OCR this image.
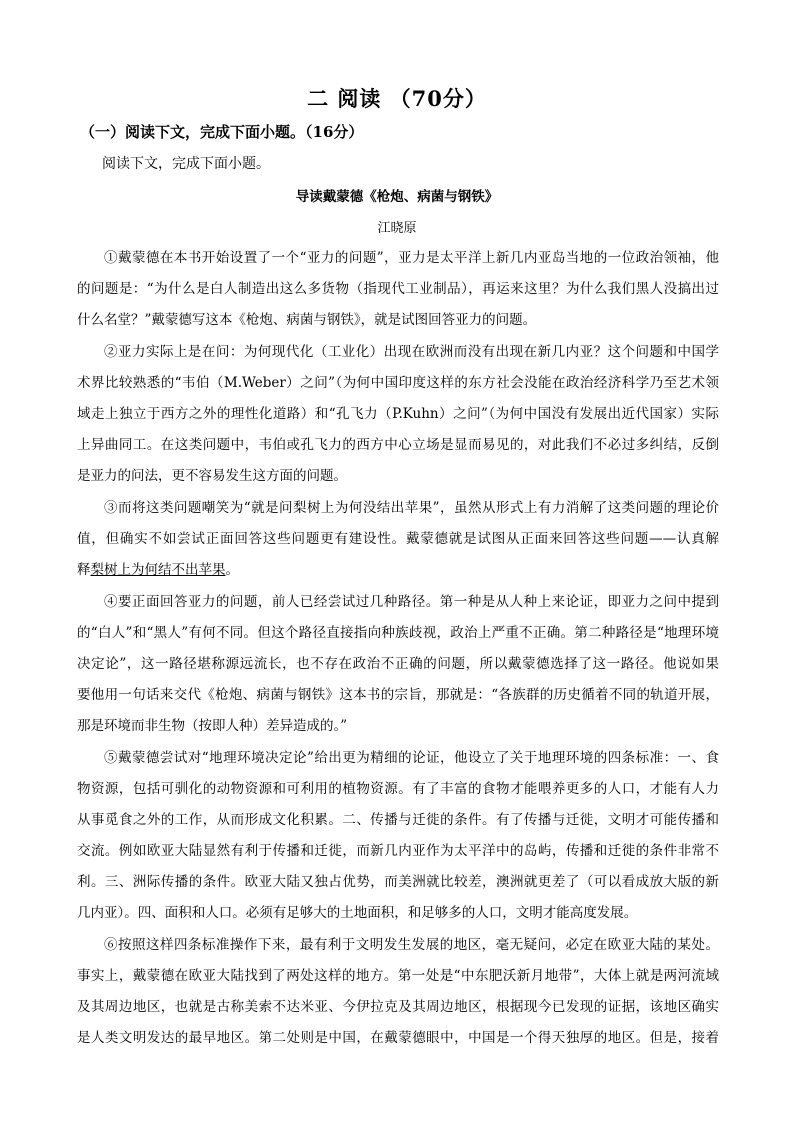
二 阅读 （70分）
（一）阅读下文，完成下面小题。（16分）
阅读下文，完成下面小题。
导读戴蒙德《枪炮、病菌与钢铁》
江晓原
①戴蒙德在本书开始设置了一个“亚力的问题”，亚力是太平洋上新几内亚岛当地的一位政治领袖，他
的问题是：“为什么是白人制造出这么多货物（指现代工业制品），再运来这里？为什么我们黑人没搞出过
什么名堂？”戴蒙德写这本《枪炮、病菌与钢铁》，就是试图回答亚力的问题。
②亚力实际上是在问：为何现代化（工业化）出现在欧洲而没有出现在新几内亚？这个问题和中国学
术界比较熟悉的“韦伯（M.Weber）之问”（为何中国印度这样的东方社会没能在政治经济科学乃至艺术领
域走上独立于西方之外的理性化道路）和“孔飞力（P.Kuhn）之问”（为何中国没有发展出近代国家）实际
上异曲同工。在这类问题中，韦伯或孔飞力的西方中心立场是显而易见的，对此我们不必过多纠结，反倒
是亚力的问法，更不容易发生这方面的问题。
③而将这类问题嘲笑为“就是问梨树上为何没结出苹果”，虽然从形式上有力消解了这类问题的理论价
值，但确实不如尝试正面回答这些问题更有建设性。戴蒙德就是试图从正面来回答这些问题——认真解
释梨树上为何结不出苹果。
④要正面回答亚力的问题，前人已经尝试过几种路径。第一种是从人种上来论证，即亚力之问中提到
的“白人”和“黑人”有何不同。但这个路径直接指向种族歧视，政治上严重不正确。第二种路径是“地理环境
决定论”，这一路径堪称源远流长，也不存在政治不正确的问题，所以戴蒙德选择了这一路径。他说如果
要他用一句话来交代《枪炮、病菌与钢铁》这本书的宗旨，那就是：“各族群的历史循着不同的轨道开展，
那是环境而非生物（按即人种）差异造成的。”
⑤戴蒙德尝试对“地理环境决定论”给出更为精细的论证，他设立了关于地理环境的四条标准：一、食
物资源，包括可驯化的动物资源和可利用的植物资源。有了丰富的食物才能喂养更多的人口，才能有人力
从事觅食之外的工作，从而形成文化积累。二、传播与迁徙的条件。有了传播与迁徙，文明才可能传播和
交流。例如欧亚大陆显然有利于传播和迁徙，而新几内亚作为太平洋中的岛屿，传播和迁徙的条件非常不
利。三、洲际传播的条件。欧亚大陆又独占优势，而美洲就比较差，澳洲就更差了（可以看成放大版的新
几内亚）。四、面积和人口。必须有足够大的土地面积，和足够多的人口，文明才能高度发展。
⑥按照这样四条标准操作下来，最有利于文明发生发展的地区，毫无疑问，必定在欧亚大陆的某处。
事实上，戴蒙德在欧亚大陆找到了两处这样的地方。第一处是“中东肥沃新月地带”，大体上就是两河流域
及其周边地区，也就是古称美索不达米亚、今伊拉克及其周边地区，根据现今已发现的证据，该地区确实
是人类文明发达的最早地区。第二处则是中国，在戴蒙德眼中，中国是一个得天独厚的地区。但是，接着
